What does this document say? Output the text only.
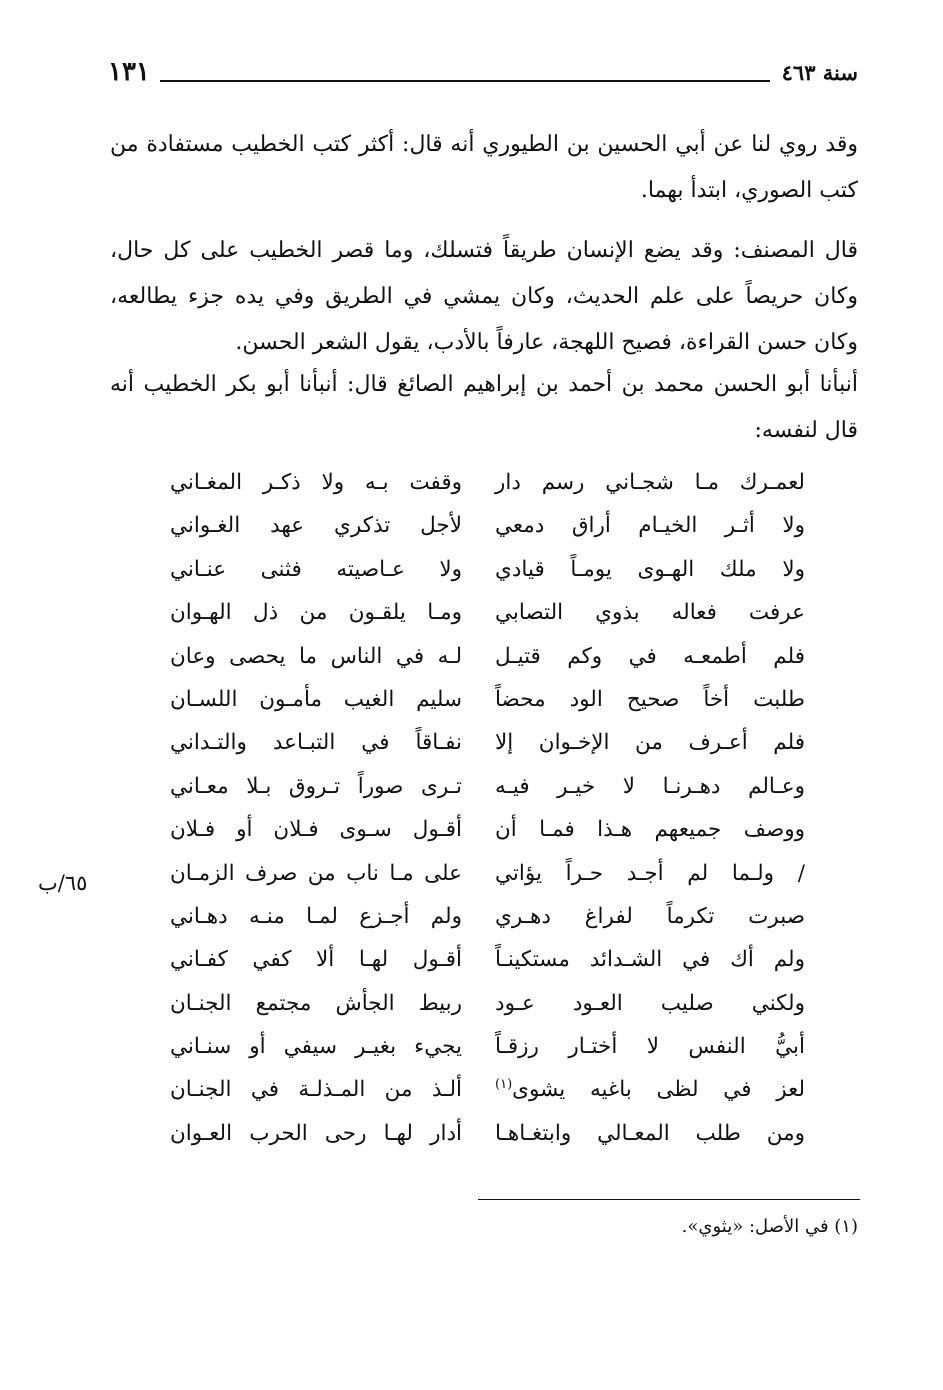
سنة ٤٦٣
١٣١
وقد روي لنا عن أبي الحسين بن الطيوري أنه قال: أكثر كتب الخطيب مستفادة من كتب الصوري، ابتدأ بهما.
قال المصنف: وقد يضع الإنسان طريقاً فتسلك، وما قصر الخطيب على كل حال، وكان حريصاً على علم الحديث، وكان يمشي في الطريق وفي يده جزء يطالعه، وكان حسن القراءة، فصيح اللهجة، عارفاً بالأدب، يقول الشعر الحسن.
أنبأنا أبو الحسن محمد بن أحمد بن إبراهيم الصائغ قال: أنبأنا أبو بكر الخطيب أنه قال لنفسه:
لعمـرك مـا شجـاني رسم دار
وقفت بـه ولا ذكـر المغـاني
ولا أثـر الخيـام أراق دمعي
لأجل تذكري عهد الغـواني
ولا ملك الهـوى يومـاً قيادي
ولا عـاصيته فثنى عنـاني
عرفت فعاله بذوي التصابي
ومـا يلقـون من ذل الهـوان
فلم أطمعـه في وكم قتيـل
لـه في الناس ما يحصى وعان
طلبت أخاً صحيح الود محضاً
سليم الغيب مأمـون اللسـان
فلم أعـرف من الإخـوان إلا
نفـاقاً في التبـاعد والتـداني
وعـالم دهـرنـا لا خيـر فيـه
تـرى صوراً تـروق بـلا معـاني
ووصف جميعهم هـذا فمـا أن
أقـول سـوى فـلان أو فـلان
/ ولـما لم أجـد حـراً يؤاتي
على مـا ناب من صرف الزمـان
صبرت تكرماً لفراغ دهـري
ولم أجـزع لمـا منـه دهـاني
ولم أك في الشـدائد مستكينـاً
أقـول لهـا ألا كفي كفـاني
ولكني صليب العـود عـود
ربيط الجأش مجتمع الجنـان
أبيُّ النفس لا أختـار رزقـاً
يجيء بغيـر سيفي أو سنـاني
لعز في لظى باغيه يشوى$^{(١)}$
ألـذ من المـذلـة في الجنـان
ومن طلب المعـالي وابتغـاهـا
أدار لهـا رحى الحرب العـوان
٦٥/ب
(١) في الأصل: «يثوي».
